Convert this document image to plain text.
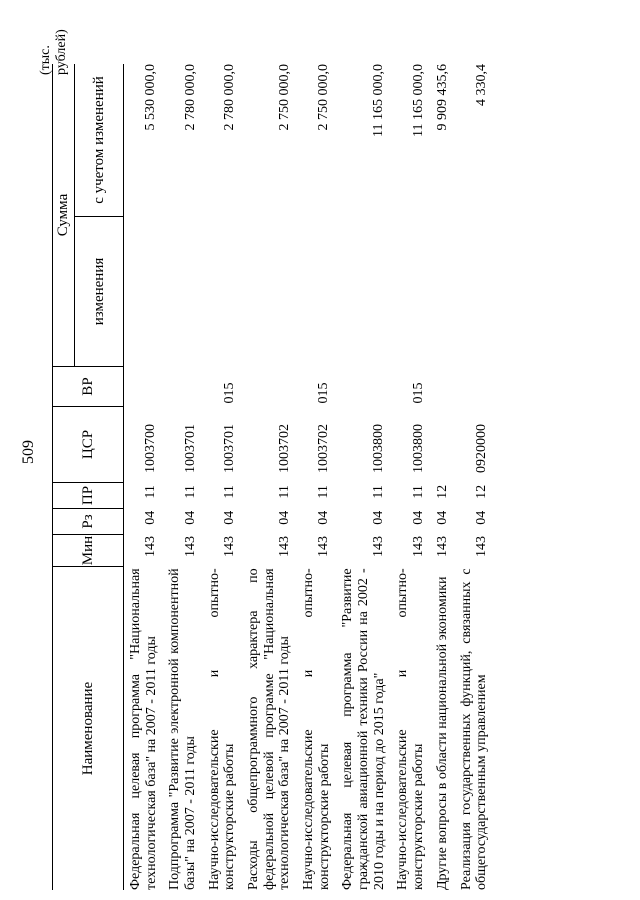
509
(тыс. рублей)
Наименование
Мин
Рз
ПР
ЦСР
ВР
Сумма
изменения
с учетом изменений
Федеральная целевая программа "Национальная технологическая база" на 2007 - 2011 годы
143
04
11
1003700
5 530 000,0
Подпрограмма "Развитие электронной компонентной базы" на 2007 - 2011 годы
143
04
11
1003701
2 780 000,0
Научно-исследовательские и опытно-конструкторские работы
143
04
11
1003701
015
2 780 000,0
Расходы общепрограммного характера по федеральной целевой программе "Национальная технологическая база" на 2007 - 2011 годы
143
04
11
1003702
2 750 000,0
Научно-исследовательские и опытно-конструкторские работы
143
04
11
1003702
015
2 750 000,0
Федеральная целевая программа "Развитие гражданской авиационной техники России на 2002 - 2010 годы и на период до 2015 года"
143
04
11
1003800
11 165 000,0
Научно-исследовательские и опытно-конструкторские работы
143
04
11
1003800
015
11 165 000,0
Другие вопросы в области национальной экономики
143
04
12
9 909 435,6
Реализация государственных функций, связанных с общегосударственным управлением
143
04
12
0920000
4 330,4
